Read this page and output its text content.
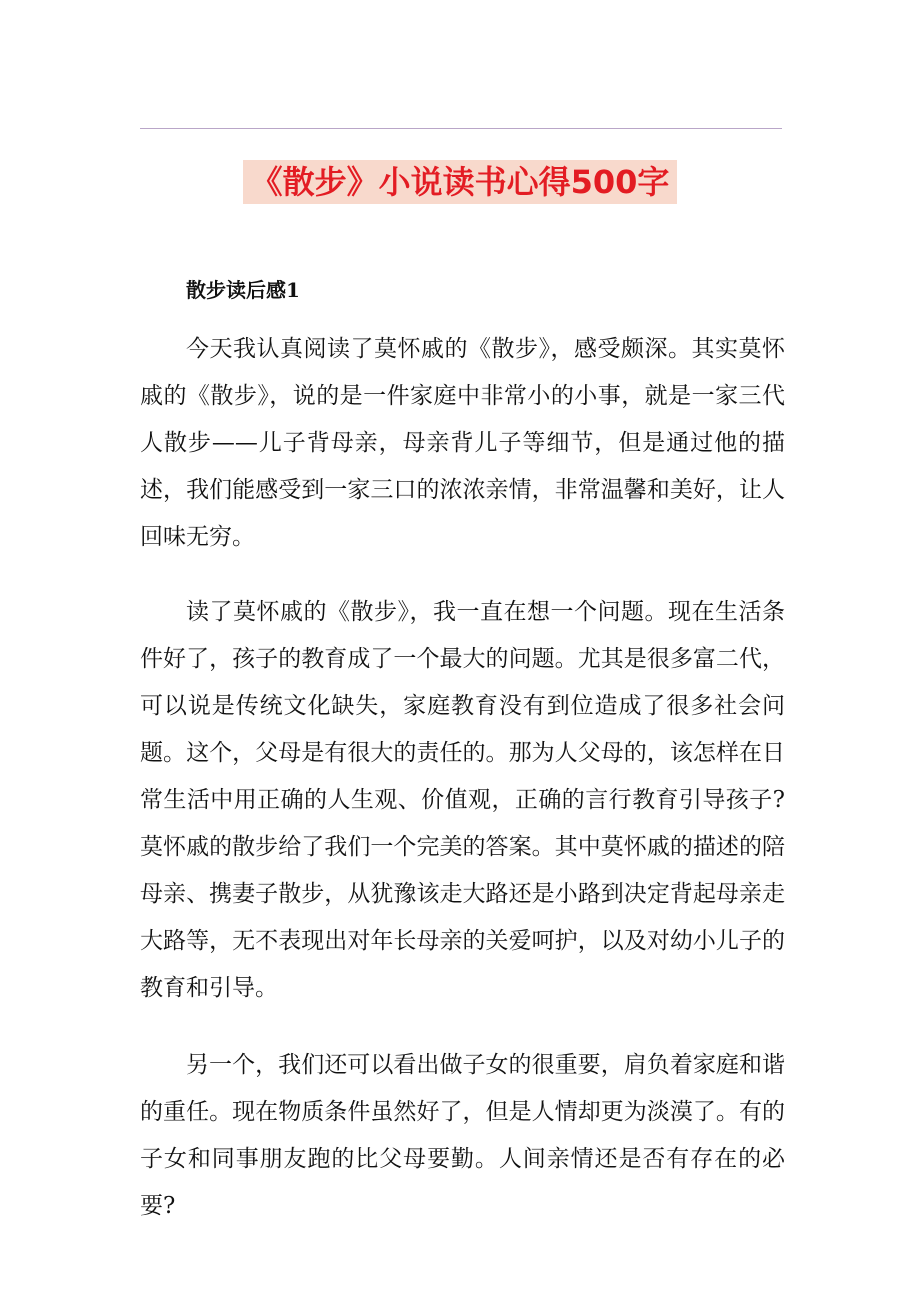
《散步》小说读书心得500字
散步读后感1

今天我认真阅读了莫怀戚的《散步》，感受颇深。其实莫怀戚的《散步》，说的是一件家庭中非常小的小事，就是一家三代人散步——儿子背母亲，母亲背儿子等细节，但是通过他的描述，我们能感受到一家三口的浓浓亲情，非常温馨和美好，让人回味无穷。

读了莫怀戚的《散步》，我一直在想一个问题。现在生活条件好了，孩子的教育成了一个最大的问题。尤其是很多富二代，可以说是传统文化缺失，家庭教育没有到位造成了很多社会问题。这个，父母是有很大的责任的。那为人父母的，该怎样在日常生活中用正确的人生观、价值观，正确的言行教育引导孩子?莫怀戚的散步给了我们一个完美的答案。其中莫怀戚的描述的陪母亲、携妻子散步，从犹豫该走大路还是小路到决定背起母亲走大路等，无不表现出对年长母亲的关爱呵护，以及对幼小儿子的教育和引导。

另一个，我们还可以看出做子女的很重要，肩负着家庭和谐的重任。现在物质条件虽然好了，但是人情却更为淡漠了。有的子女和同事朋友跑的比父母要勤。人间亲情还是否有存在的必要?
